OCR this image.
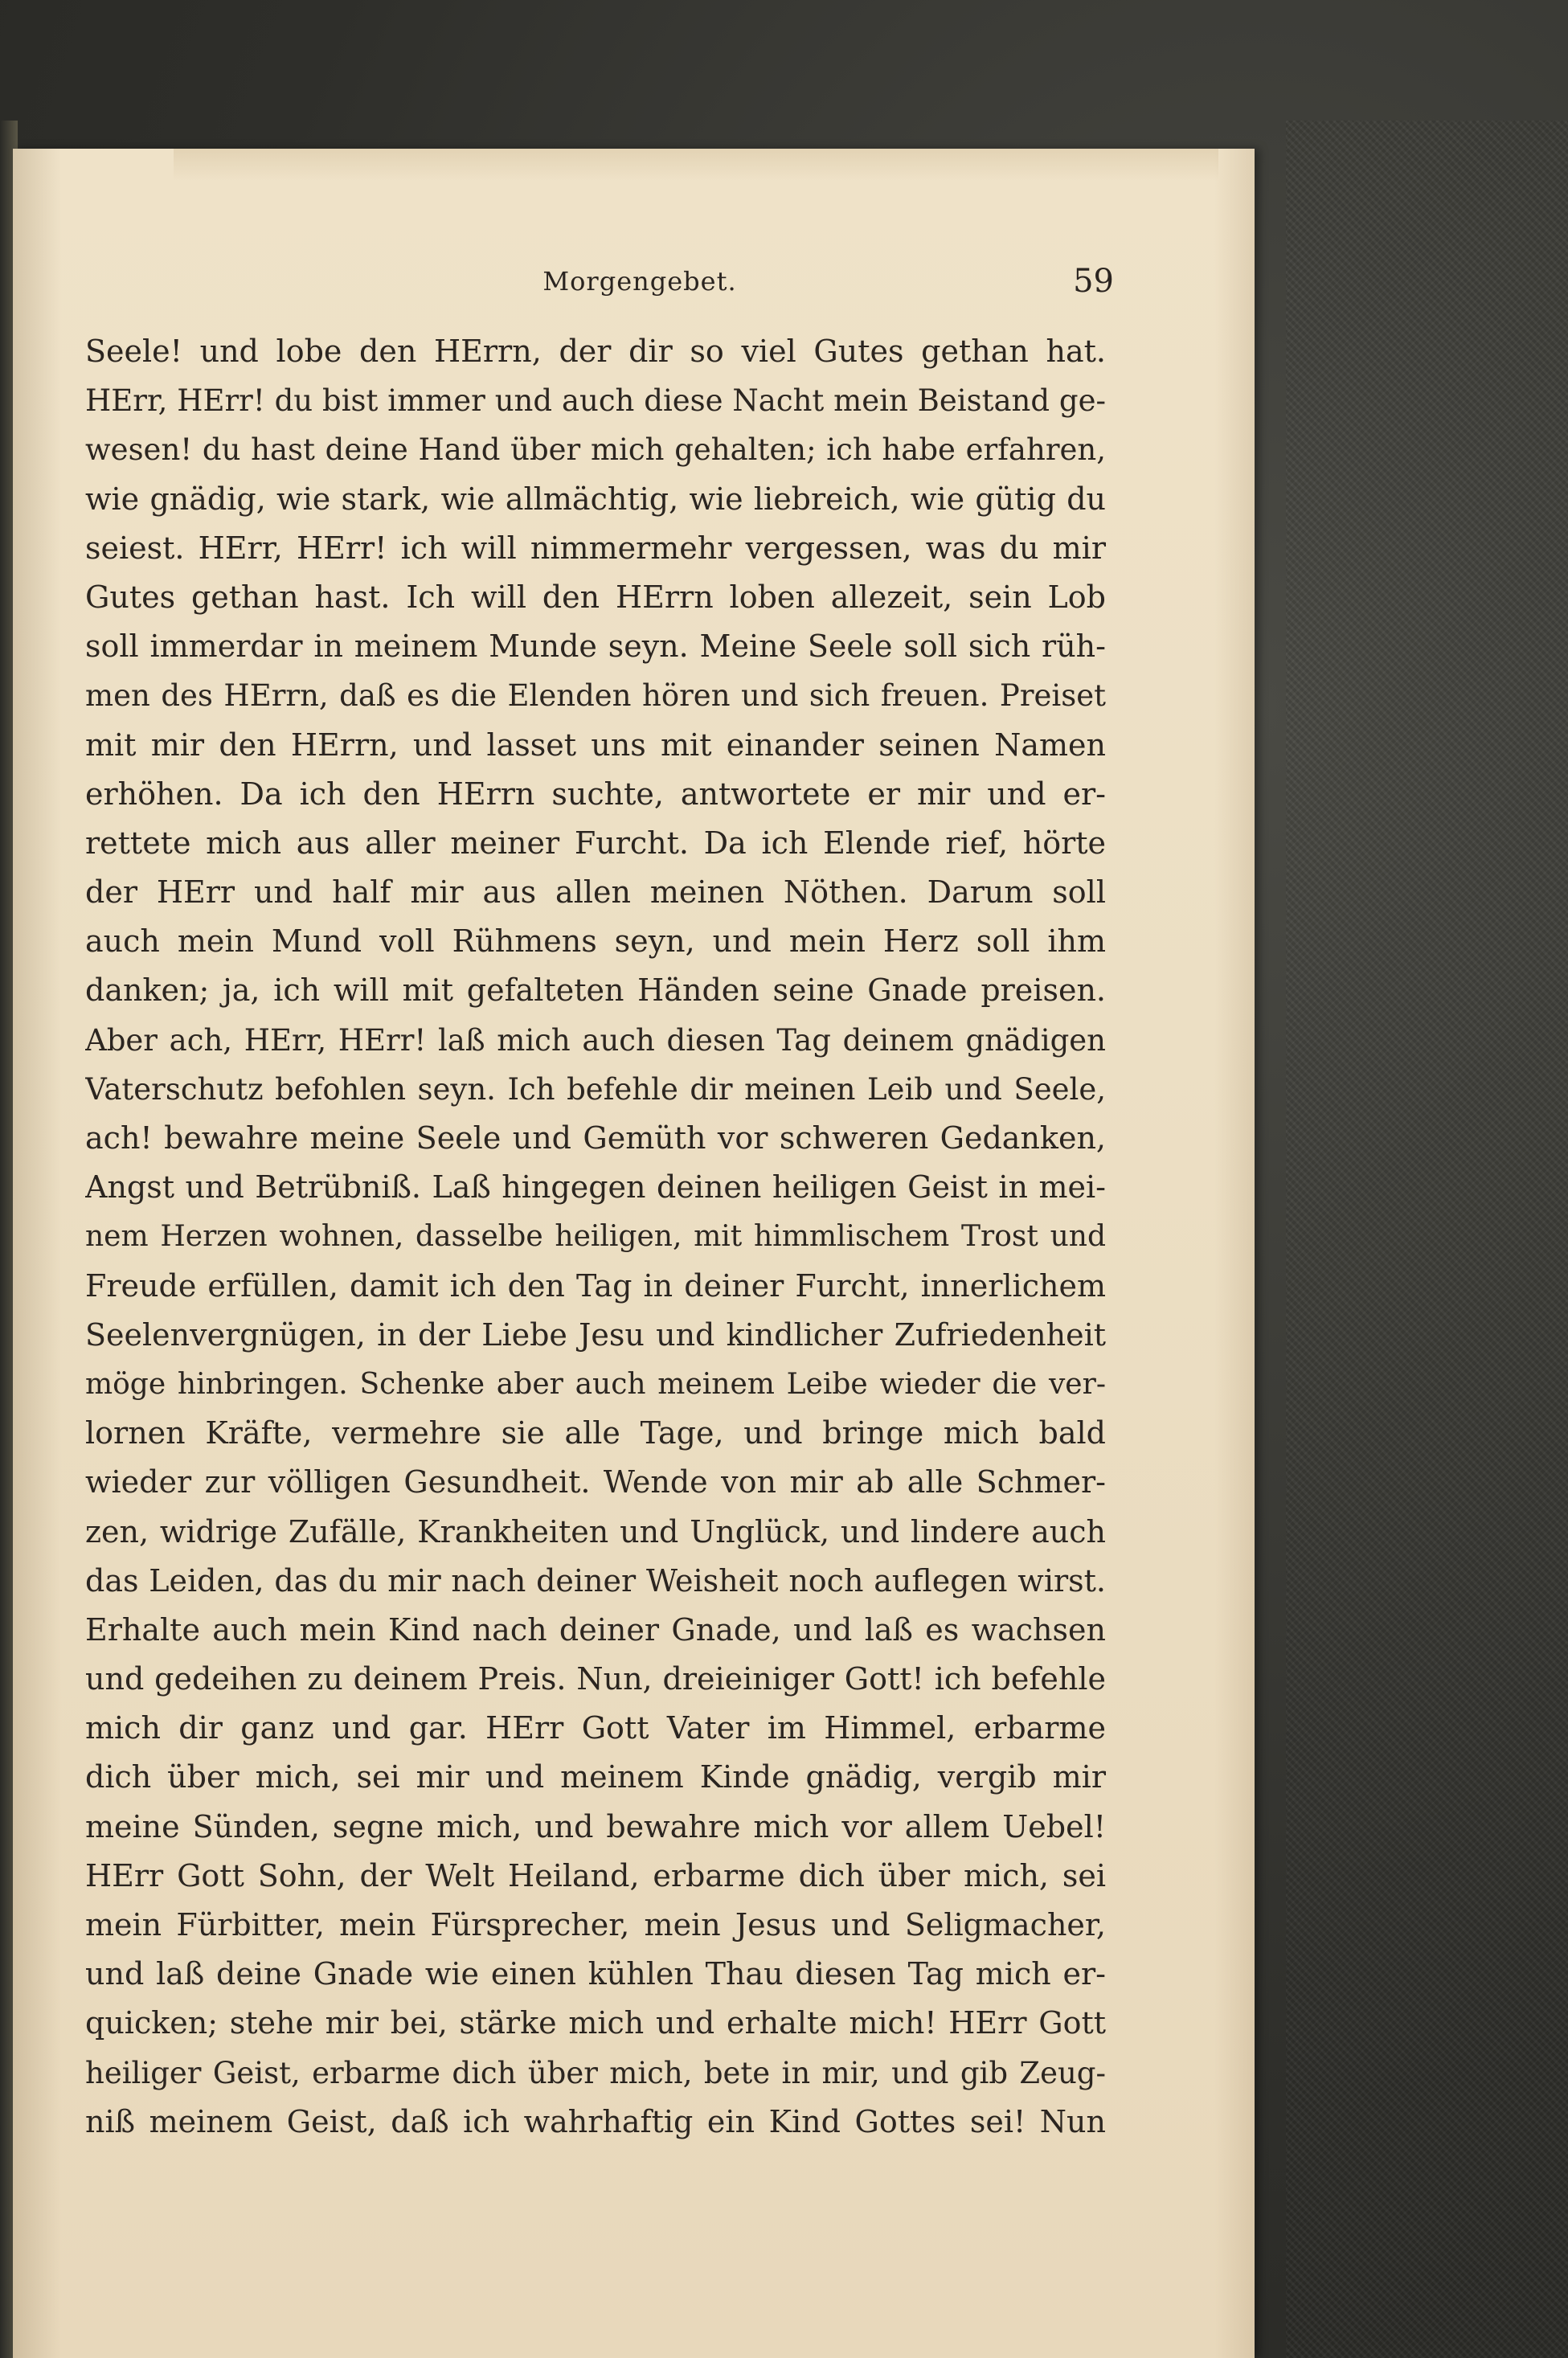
Morgengebet.	59
Seele! und lobe den HErrn, der dir so viel Gutes gethan hat.
HErr, HErr! du bist immer und auch diese Nacht mein Beistand ge-
wesen! du hast deine Hand über mich gehalten; ich habe erfahren,
wie gnädig, wie stark, wie allmächtig, wie liebreich, wie gütig du
seiest. HErr, HErr! ich will nimmermehr vergessen, was du mir
Gutes gethan hast. Ich will den HErrn loben allezeit, sein Lob
soll immerdar in meinem Munde seyn. Meine Seele soll sich rüh-
men des HErrn, daß es die Elenden hören und sich freuen. Preiset
mit mir den HErrn, und lasset uns mit einander seinen Namen
erhöhen. Da ich den HErrn suchte, antwortete er mir und er-
rettete mich aus aller meiner Furcht. Da ich Elende rief, hörte
der HErr und half mir aus allen meinen Nöthen. Darum soll
auch mein Mund voll Rühmens seyn, und mein Herz soll ihm
danken; ja, ich will mit gefalteten Händen seine Gnade preisen.
Aber ach, HErr, HErr! laß mich auch diesen Tag deinem gnädigen
Vaterschutz befohlen seyn. Ich befehle dir meinen Leib und Seele,
ach! bewahre meine Seele und Gemüth vor schweren Gedanken,
Angst und Betrübniß. Laß hingegen deinen heiligen Geist in mei-
nem Herzen wohnen, dasselbe heiligen, mit himmlischem Trost und
Freude erfüllen, damit ich den Tag in deiner Furcht, innerlichem
Seelenvergnügen, in der Liebe Jesu und kindlicher Zufriedenheit
möge hinbringen. Schenke aber auch meinem Leibe wieder die ver-
lornen Kräfte, vermehre sie alle Tage, und bringe mich bald
wieder zur völligen Gesundheit. Wende von mir ab alle Schmer-
zen, widrige Zufälle, Krankheiten und Unglück, und lindere auch
das Leiden, das du mir nach deiner Weisheit noch auflegen wirst.
Erhalte auch mein Kind nach deiner Gnade, und laß es wachsen
und gedeihen zu deinem Preis. Nun, dreieiniger Gott! ich befehle
mich dir ganz und gar. HErr Gott Vater im Himmel, erbarme
dich über mich, sei mir und meinem Kinde gnädig, vergib mir
meine Sünden, segne mich, und bewahre mich vor allem Uebel!
HErr Gott Sohn, der Welt Heiland, erbarme dich über mich, sei
mein Fürbitter, mein Fürsprecher, mein Jesus und Seligmacher,
und laß deine Gnade wie einen kühlen Thau diesen Tag mich er-
quicken; stehe mir bei, stärke mich und erhalte mich! HErr Gott
heiliger Geist, erbarme dich über mich, bete in mir, und gib Zeug-
niß meinem Geist, daß ich wahrhaftig ein Kind Gottes sei! Nun
